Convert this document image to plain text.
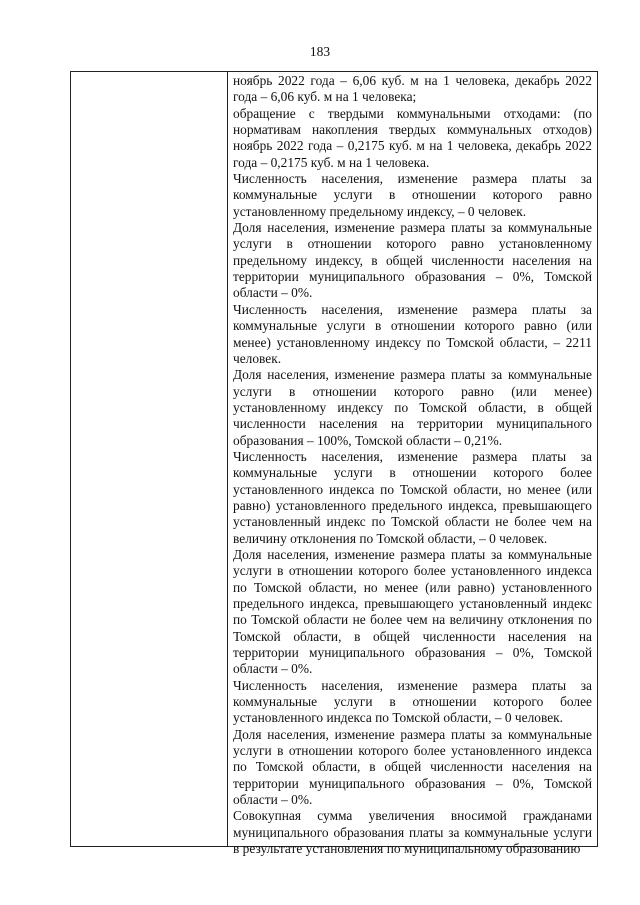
183

ноябрь 2022 года – 6,06 куб. м на 1 человека, декабрь 2022 года – 6,06 куб. м на 1 человека;

обращение с твердыми коммунальными отходами: (по нормативам накопления твердых коммунальных отходов) ноябрь 2022 года – 0,2175 куб. м на 1 человека, декабрь 2022 года – 0,2175 куб. м на 1 человека.

Численность населения, изменение размера платы за коммунальные услуги в отношении которого равно установленному предельному индексу, – 0 человек.

Доля населения, изменение размера платы за коммунальные услуги в отношении которого равно установленному предельному индексу, в общей численности населения на территории муниципального образования – 0%, Томской области – 0%.

Численность населения, изменение размера платы за коммунальные услуги в отношении которого равно (или менее) установленному индексу по Томской области, – 2211 человек.

Доля населения, изменение размера платы за коммунальные услуги в отношении которого равно (или менее) установленному индексу по Томской области, в общей численности населения на территории муниципального образования – 100%, Томской области – 0,21%.

Численность населения, изменение размера платы за коммунальные услуги в отношении которого более установленного индекса по Томской области, но менее (или равно) установленного предельного индекса, превышающего установленный индекс по Томской области не более чем на величину отклонения по Томской области, – 0 человек.

Доля населения, изменение размера платы за коммунальные услуги в отношении которого более установленного индекса по Томской области, но менее (или равно) установленного предельного индекса, превышающего установленный индекс по Томской области не более чем на величину отклонения по Томской области, в общей численности населения на территории муниципального образования – 0%, Томской области – 0%.

Численность населения, изменение размера платы за коммунальные услуги в отношении которого более установленного индекса по Томской области, – 0 человек.

Доля населения, изменение размера платы за коммунальные услуги в отношении которого более установленного индекса по Томской области, в общей численности населения на территории муниципального образования – 0%, Томской области – 0%.

Совокупная сумма увеличения вносимой гражданами муниципального образования платы за коммунальные услуги в результате установления по муниципальному образованию
